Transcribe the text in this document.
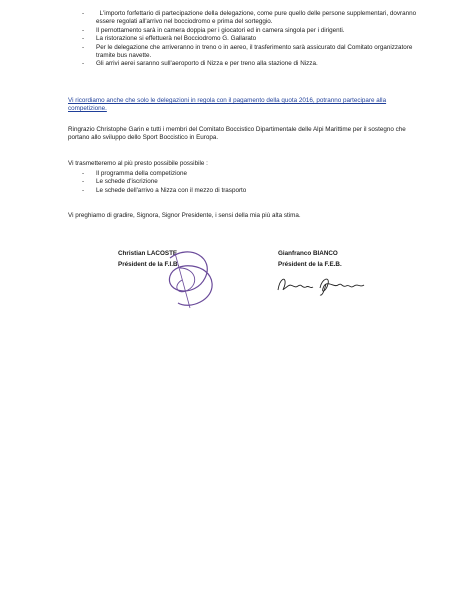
- L'importo forfettario di partecipazione della delegazione, come pure quello delle persone supplementari, dovranno essere regolati all'arrivo nel bocciodromo e prima del sorteggio.
- Il pernottamento sarà in camera doppia per i giocatori ed in camera singola per i dirigenti.
- La ristorazione si effettuerà nel Bocciodromo G. Gallarato
- Per le delegazione che arriveranno in treno o in aereo, il trasferimento sarà assicurato dal Comitato organizzatore tramite bus navette.
- Gli arrivi aerei saranno sull'aeroporto di Nizza e per treno alla stazione di Nizza.

Vi ricordiamo anche che solo le delegazioni in regola con il pagamento della quota 2016, potranno partecipare alla competizione.

Ringrazio Christophe Garin e tutti i membri del Comitato Boccistico Dipartimentale delle Alpi Marittime per il sostegno che portano allo sviluppo dello Sport Boccistico in Europa.

Vi trasmetteremo al più presto possibile possibile :

- Il programma della competizione
- Le schede d'iscrizione
- Le schede dell'arrivo a Nizza con il mezzo di trasporto

Vi preghiamo di gradire, Signora, Signor Presidente, i sensi della mia più alta stima.

Christian LACOSTE
Président de la F.I.B.
Gianfranco BIANCO
Président de la F.E.B.
